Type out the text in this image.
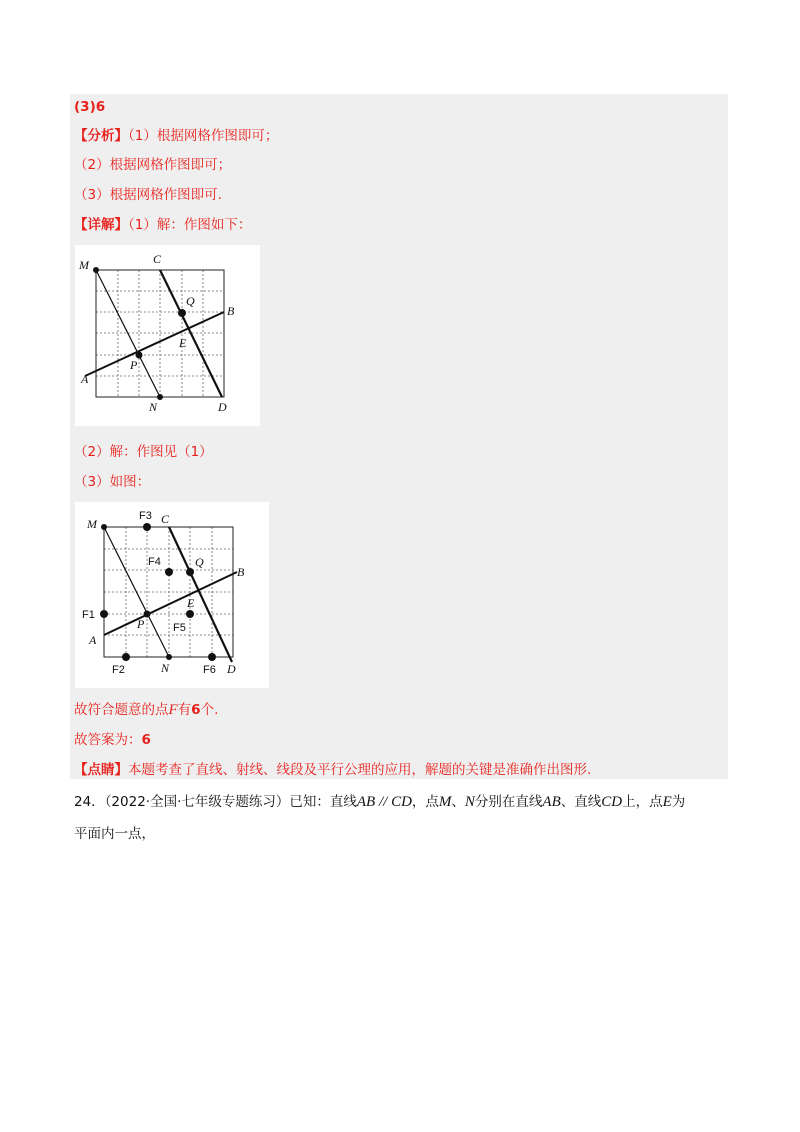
(3)6
【分析】（1）根据网格作图即可；
（2）根据网格作图即可；
（3）根据网格作图即可.
【详解】（1）解：作图如下：
M	C
Q
B
E
A
P
N	D
（2）解：作图见（1）
（3）如图：
M
F3 C
F4	Q
B
E
F1
P	F5
A
F2	N	F6 D
故符合题意的点F有6个.
故答案为：6
【点睛】本题考查了直线、射线、线段及平行公理的应用，解题的关键是准确作出图形.
24．（2022·全国·七年级专题练习）已知：直线AB // CD，点M、N分别在直线AB、直线CD上，点E为
平面内一点，
